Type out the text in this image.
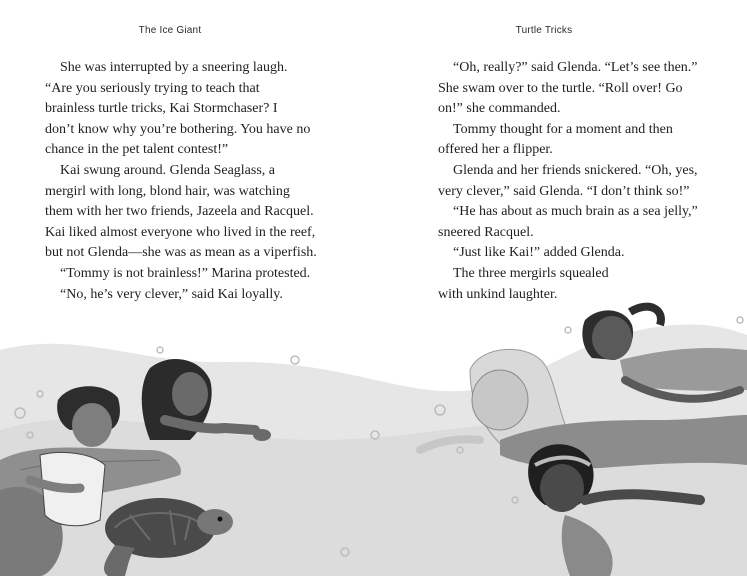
The Ice Giant
She was interrupted by a sneering laugh.
“Are you seriously trying to teach that
brainless turtle tricks, Kai Stormchaser? I
don’t know why you’re bothering. You have no
chance in the pet talent contest!”
Kai swung around. Glenda Seaglass, a
mergirl with long, blond hair, was watching
them with her two friends, Jazeela and Racquel.
Kai liked almost everyone who lived in the reef,
but not Glenda—she was as mean as a viperfish.
“Tommy is not brainless!” Marina protested.
“No, he’s very clever,” said Kai loyally.
Turtle Tricks
“Oh, really?” said Glenda. “Let’s see then.”
She swam over to the turtle. “Roll over! Go
on!” she commanded.
Tommy thought for a moment and then
offered her a flipper.
Glenda and her friends snickered. “Oh, yes,
very clever,” said Glenda. “I don’t think so!”
“He has about as much brain as a sea jelly,”
sneered Racquel.
“Just like Kai!” added Glenda.
The three mergirls squealed
with unkind laughter.
